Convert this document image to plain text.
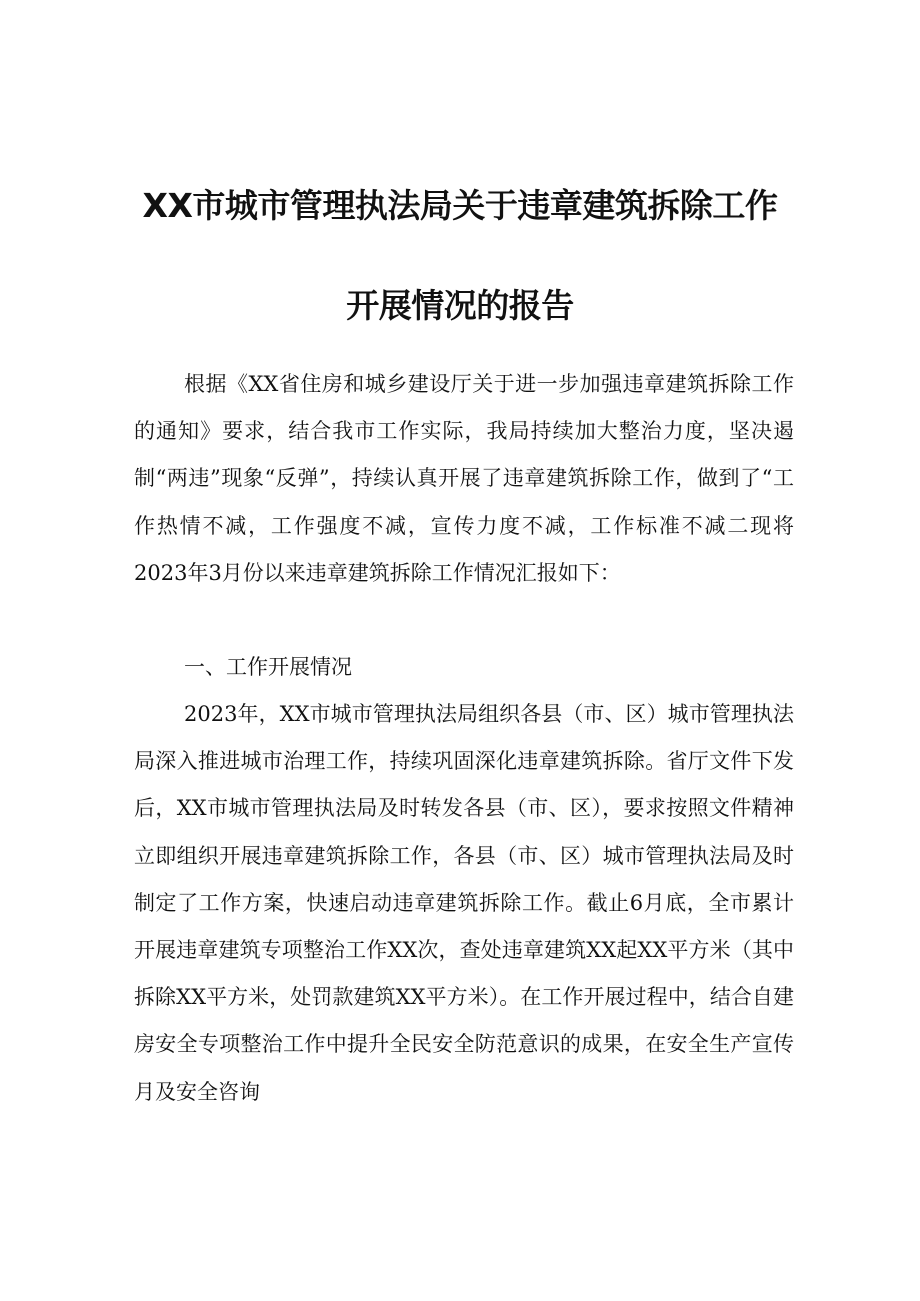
XX市城市管理执法局关于违章建筑拆除工作
开展情况的报告

根据《XX省住房和城乡建设厅关于进一步加强违章建筑拆除工作的通知》要求，结合我市工作实际，我局持续加大整治力度，坚决遏制“两违”现象“反弹”，持续认真开展了违章建筑拆除工作，做到了“工作热情不减，工作强度不减，宣传力度不减，工作标准不减二现将2023年3月份以来违章建筑拆除工作情况汇报如下：

一、工作开展情况

2023年，XX市城市管理执法局组织各县（市、区）城市管理执法局深入推进城市治理工作，持续巩固深化违章建筑拆除。省厅文件下发后，XX市城市管理执法局及时转发各县（市、区），要求按照文件精神立即组织开展违章建筑拆除工作，各县（市、区）城市管理执法局及时制定了工作方案，快速启动违章建筑拆除工作。截止6月底，全市累计开展违章建筑专项整治工作XX次，查处违章建筑XX起XX平方米（其中拆除XX平方米，处罚款建筑XX平方米）。在工作开展过程中，结合自建房安全专项整治工作中提升全民安全防范意识的成果，在安全生产宣传月及安全咨询
